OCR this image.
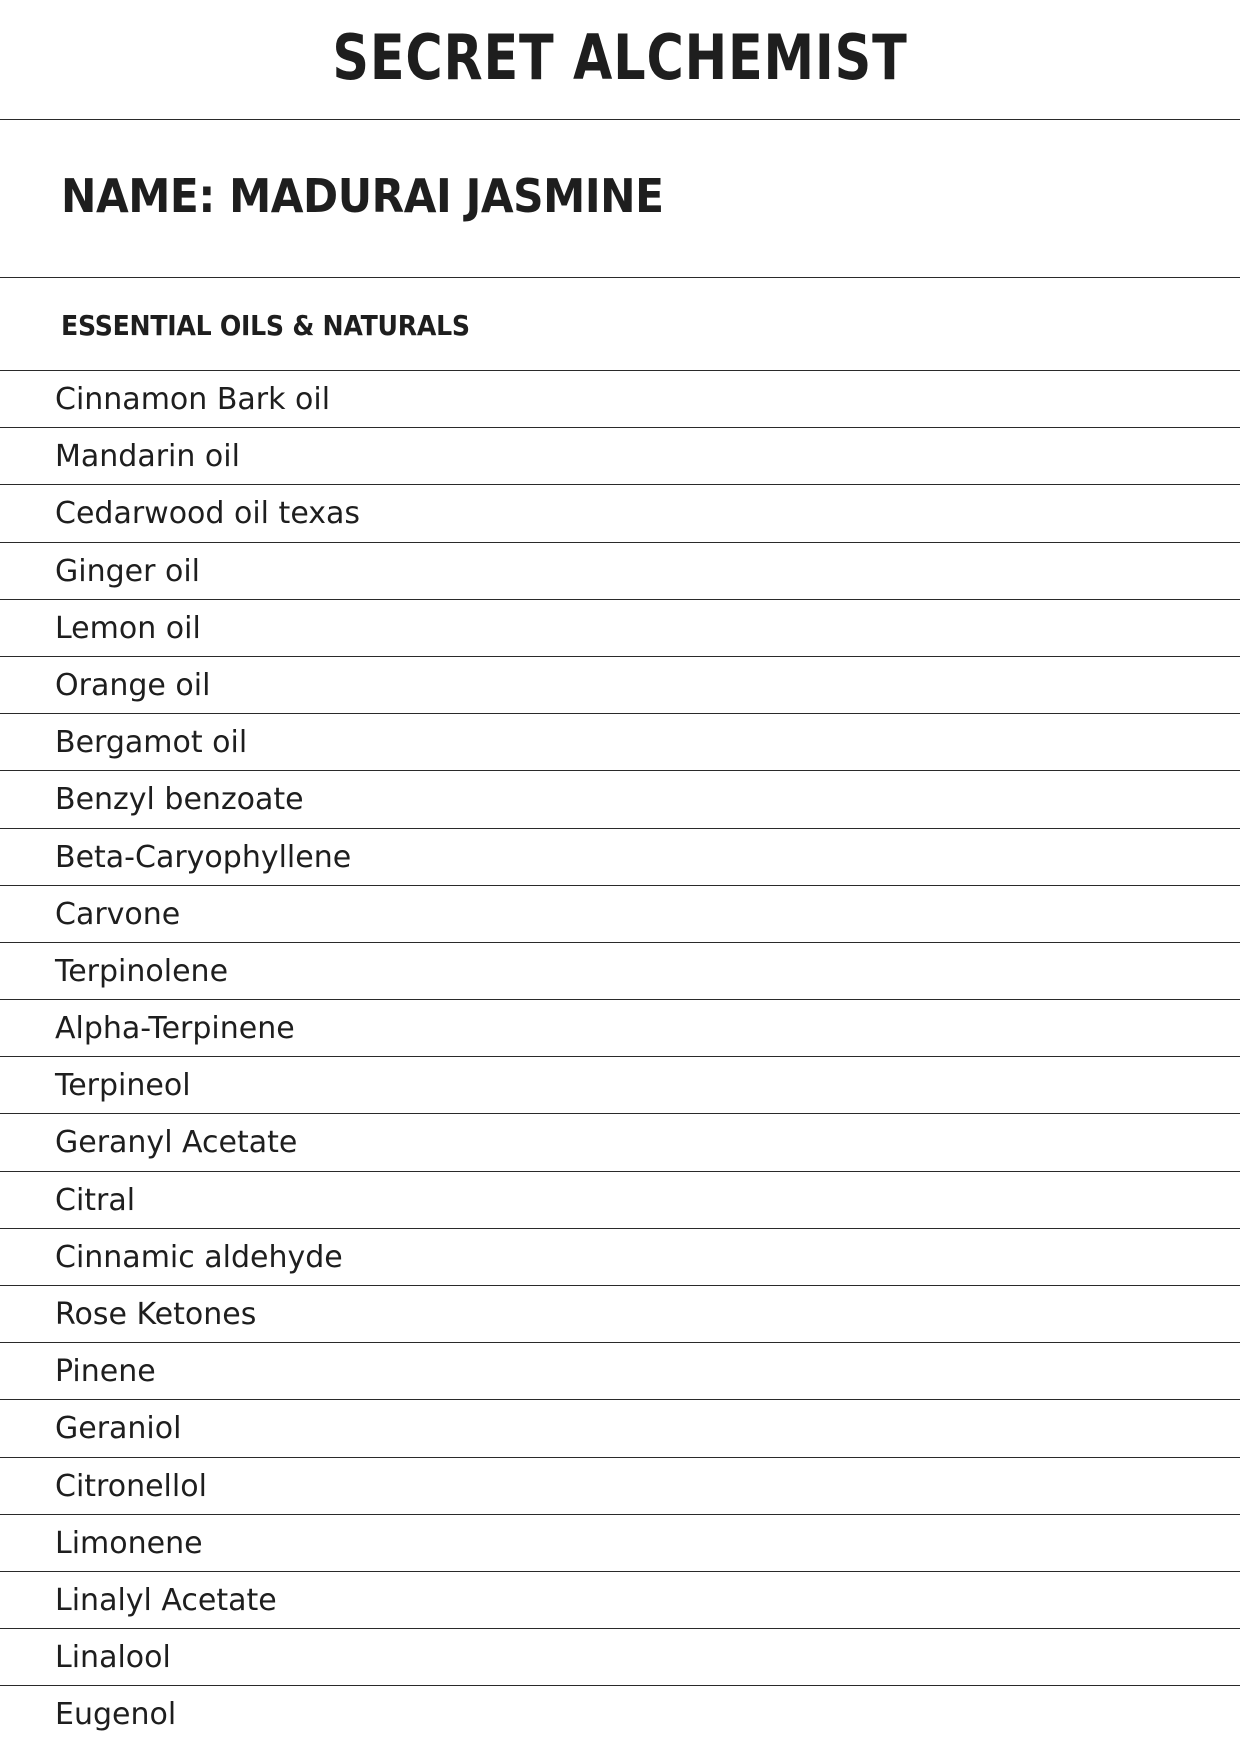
SECRET ALCHEMIST
NAME: MADURAI JASMINE
ESSENTIAL OILS & NATURALS
Cinnamon Bark oil
Mandarin oil
Cedarwood oil texas
Ginger oil
Lemon oil
Orange oil
Bergamot oil
Benzyl benzoate
Beta-Caryophyllene
Carvone
Terpinolene
Alpha-Terpinene
Terpineol
Geranyl Acetate
Citral
Cinnamic aldehyde
Rose Ketones
Pinene
Geraniol
Citronellol
Limonene
Linalyl Acetate
Linalool
Eugenol
